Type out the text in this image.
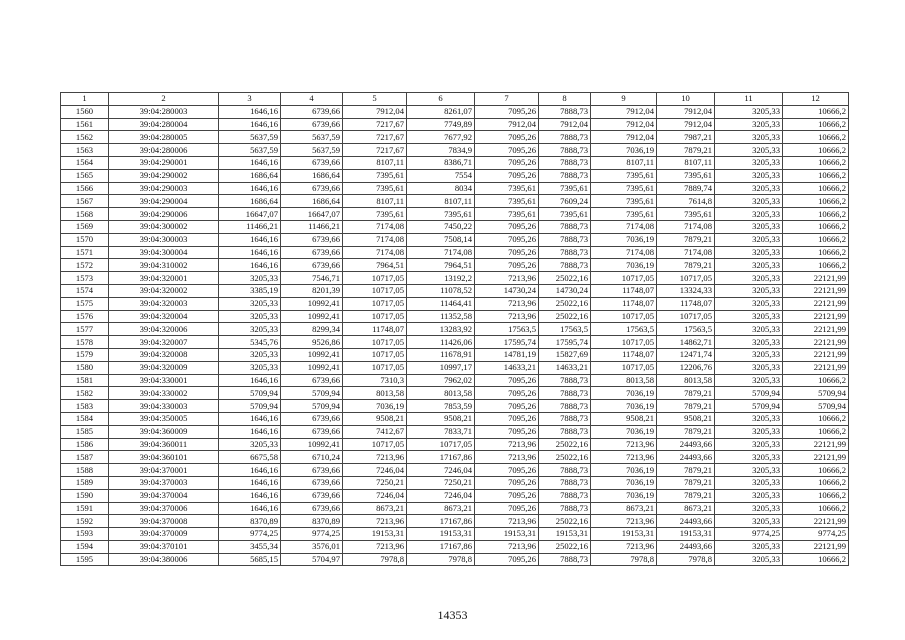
1	2	3	4	5	6	7	8	9	10	11	12
1560	39:04:280003	1646,16	6739,66	7912,04	8261,07	7095,26	7888,73	7912,04	7912,04	3205,33	10666,2
1561	39:04:280004	1646,16	6739,66	7217,67	7749,89	7912,04	7912,04	7912,04	7912,04	3205,33	10666,2
1562	39:04:280005	5637,59	5637,59	7217,67	7677,92	7095,26	7888,73	7912,04	7987,21	3205,33	10666,2
1563	39:04:280006	5637,59	5637,59	7217,67	7834,9	7095,26	7888,73	7036,19	7879,21	3205,33	10666,2
1564	39:04:290001	1646,16	6739,66	8107,11	8386,71	7095,26	7888,73	8107,11	8107,11	3205,33	10666,2
1565	39:04:290002	1686,64	1686,64	7395,61	7554	7095,26	7888,73	7395,61	7395,61	3205,33	10666,2
1566	39:04:290003	1646,16	6739,66	7395,61	8034	7395,61	7395,61	7395,61	7889,74	3205,33	10666,2
1567	39:04:290004	1686,64	1686,64	8107,11	8107,11	7395,61	7609,24	7395,61	7614,8	3205,33	10666,2
1568	39:04:290006	16647,07	16647,07	7395,61	7395,61	7395,61	7395,61	7395,61	7395,61	3205,33	10666,2
1569	39:04:300002	11466,21	11466,21	7174,08	7450,22	7095,26	7888,73	7174,08	7174,08	3205,33	10666,2
1570	39:04:300003	1646,16	6739,66	7174,08	7508,14	7095,26	7888,73	7036,19	7879,21	3205,33	10666,2
1571	39:04:300004	1646,16	6739,66	7174,08	7174,08	7095,26	7888,73	7174,08	7174,08	3205,33	10666,2
1572	39:04:310002	1646,16	6739,66	7964,51	7964,51	7095,26	7888,73	7036,19	7879,21	3205,33	10666,2
1573	39:04:320001	3205,33	7546,71	10717,05	13192,2	7213,96	25022,16	10717,05	10717,05	3205,33	22121,99
1574	39:04:320002	3385,19	8201,39	10717,05	11078,52	14730,24	14730,24	11748,07	13324,33	3205,33	22121,99
1575	39:04:320003	3205,33	10992,41	10717,05	11464,41	7213,96	25022,16	11748,07	11748,07	3205,33	22121,99
1576	39:04:320004	3205,33	10992,41	10717,05	11352,58	7213,96	25022,16	10717,05	10717,05	3205,33	22121,99
1577	39:04:320006	3205,33	8299,34	11748,07	13283,92	17563,5	17563,5	17563,5	17563,5	3205,33	22121,99
1578	39:04:320007	5345,76	9526,86	10717,05	11426,06	17595,74	17595,74	10717,05	14862,71	3205,33	22121,99
1579	39:04:320008	3205,33	10992,41	10717,05	11678,91	14781,19	15827,69	11748,07	12471,74	3205,33	22121,99
1580	39:04:320009	3205,33	10992,41	10717,05	10997,17	14633,21	14633,21	10717,05	12206,76	3205,33	22121,99
1581	39:04:330001	1646,16	6739,66	7310,3	7962,02	7095,26	7888,73	8013,58	8013,58	3205,33	10666,2
1582	39:04:330002	5709,94	5709,94	8013,58	8013,58	7095,26	7888,73	7036,19	7879,21	5709,94	5709,94
1583	39:04:330003	5709,94	5709,94	7036,19	7853,59	7095,26	7888,73	7036,19	7879,21	5709,94	5709,94
1584	39:04:350005	1646,16	6739,66	9508,21	9508,21	7095,26	7888,73	9508,21	9508,21	3205,33	10666,2
1585	39:04:360009	1646,16	6739,66	7412,67	7833,71	7095,26	7888,73	7036,19	7879,21	3205,33	10666,2
1586	39:04:360011	3205,33	10992,41	10717,05	10717,05	7213,96	25022,16	7213,96	24493,66	3205,33	22121,99
1587	39:04:360101	6675,58	6710,24	7213,96	17167,86	7213,96	25022,16	7213,96	24493,66	3205,33	22121,99
1588	39:04:370001	1646,16	6739,66	7246,04	7246,04	7095,26	7888,73	7036,19	7879,21	3205,33	10666,2
1589	39:04:370003	1646,16	6739,66	7250,21	7250,21	7095,26	7888,73	7036,19	7879,21	3205,33	10666,2
1590	39:04:370004	1646,16	6739,66	7246,04	7246,04	7095,26	7888,73	7036,19	7879,21	3205,33	10666,2
1591	39:04:370006	1646,16	6739,66	8673,21	8673,21	7095,26	7888,73	8673,21	8673,21	3205,33	10666,2
1592	39:04:370008	8370,89	8370,89	7213,96	17167,86	7213,96	25022,16	7213,96	24493,66	3205,33	22121,99
1593	39:04:370009	9774,25	9774,25	19153,31	19153,31	19153,31	19153,31	19153,31	19153,31	9774,25	9774,25
1594	39:04:370101	3455,34	3576,01	7213,96	17167,86	7213,96	25022,16	7213,96	24493,66	3205,33	22121,99
1595	39:04:380006	5685,15	5704,97	7978,8	7978,8	7095,26	7888,73	7978,8	7978,8	3205,33	10666,2
14353
